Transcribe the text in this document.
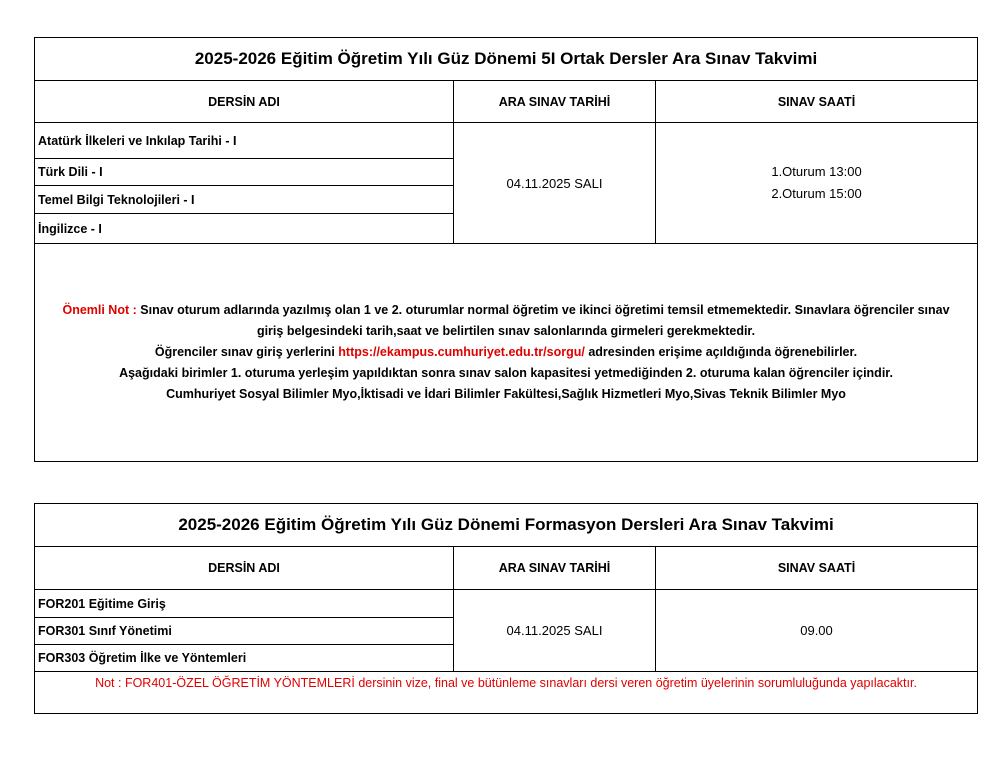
2025-2026 Eğitim Öğretim Yılı Güz Dönemi 5I Ortak Dersler Ara Sınav Takvimi		
DERSİN ADI	ARA SINAV TARİHİ	SINAV SAATİ
Atatürk İlkeleri ve Inkılap Tarihi - I	04.11.2025 SALI	1.Oturum 13:00
2.Oturum 15:00

Türk Dili - I		
Temel Bilgi Teknolojileri - I		
İngilizce - I		

Önemli Not : Sınav oturum adlarında yazılmış olan 1 ve 2. oturumlar normal öğretim ve ikinci öğretimi temsil etmemektedir. Sınavlara öğrenciler sınav giriş belgesindeki tarih,saat ve belirtilen sınav salonlarında girmeleri gerekmektedir.
Öğrenciler sınav giriş yerlerini https://ekampus.cumhuriyet.edu.tr/sorgu/ adresinden erişime açıldığında öğrenebilirler.
Aşağıdaki birimler 1. oturuma yerleşim yapıldıktan sonra sınav salon kapasitesi yetmediğinden 2. oturuma kalan öğrenciler içindir.
Cumhuriyet Sosyal Bilimler Myo,İktisadi ve İdari Bilimler Fakültesi,Sağlık Hizmetleri Myo,Sivas Teknik Bilimler Myo		
2025-2026 Eğitim Öğretim Yılı Güz Dönemi Formasyon Dersleri Ara Sınav Takvimi		
DERSİN ADI	ARA SINAV TARİHİ	SINAV SAATİ
FOR201 Eğitime Giriş	04.11.2025 SALI	09.00
FOR301 Sınıf Yönetimi		
FOR303 Öğretim İlke ve Yöntemleri		
Not : FOR401-ÖZEL ÖĞRETİM YÖNTEMLERİ dersinin vize, final ve bütünleme sınavları dersi veren öğretim üyelerinin sorumluluğunda yapılacaktır.		
